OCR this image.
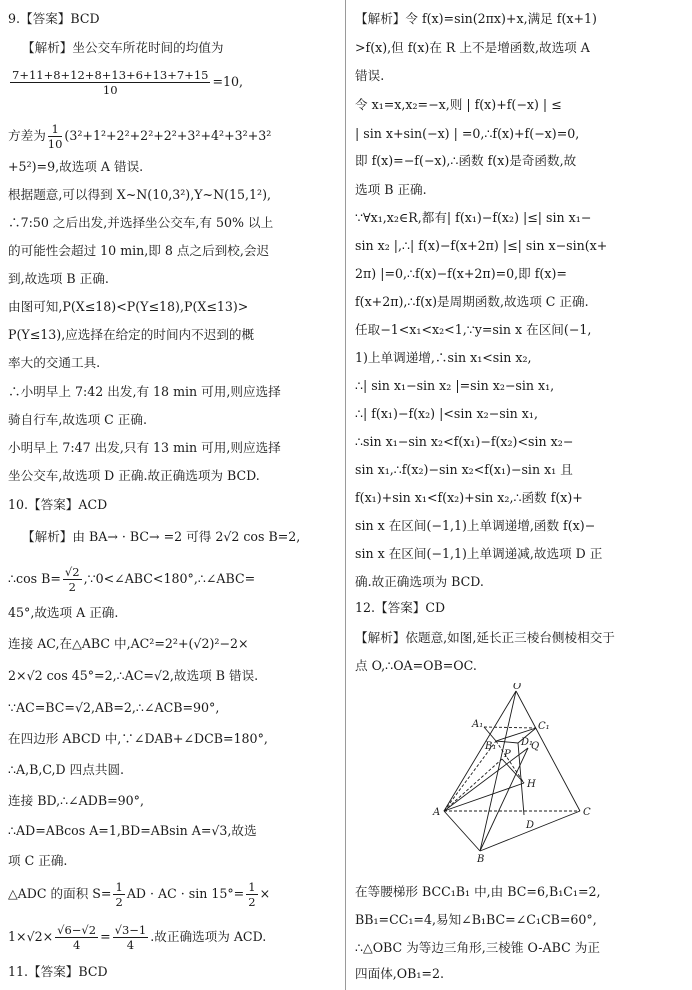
9.【答案】BCD
【解析】坐公交车所花时间的均值为
$\frac{7+11+8+12+8+13+6+13+7+15}{10} =10$,
方差为 $\frac{1}{10} (3^2+1^2+2^2+2^2+2^2+3^2+4^2+3^2+3^2$
+5²)=9,故选项 A 错误.
根据题意,可以得到 X~N(10,3²),Y~N(15,1²),
∴7:50 之后出发,并选择坐公交车,有 50% 以上
的可能性会超过 10 min,即 8 点之后到校,会迟
到,故选项 B 正确.
由图可知,P(X≤18)<P(Y≤18),P(X≤13)>
P(Y≤13),应选择在给定的时间内不迟到的概
率大的交通工具.
∴小明早上 7:42 出发,有 18 min 可用,则应选择
骑自行车,故选项 C 正确.
小明早上 7:47 出发,只有 13 min 可用,则应选择
坐公交车,故选项 D 正确.故正确选项为 BCD.
10.【答案】ACD
【解析】由 BA→ · BC→ =2 可得 2√2 cos B=2,
∴cos $B= \frac{√2}{2}$ ,∵0<∠ABC<180°,∴∠ABC=
45°,故选项 A 正确.
连接 AC,在△ABC 中,AC²=2²+(√2)²−2×
2×√2 cos 45°=2,∴AC=√2,故选项 B 错误.
∵AC=BC=√2,AB=2,∴∠ACB=90°,
在四边形 ABCD 中,∵∠DAB+∠DCB=180°,
∴A,B,C,D 四点共圆.
连接 BD,∴∠ADB=90°,
∴AD=ABcos A=1,BD=ABsin A=√3,故选
项 C 正确.
△ADC 的面积 $S= \frac{1}{2}$ AD · AC · $\sin 15^\circ= \frac{1}{2}$ ×
$1\times√2\times \frac{√6-√2}{4} = \frac{√3-1}{4}$ .故正确选项为 ACD.
11.【答案】BCD
【解析】令 f(x)=sin(2πx)+x,满足 f(x+1)
>f(x),但 f(x)在 R 上不是增函数,故选项 A
错误.
令 x₁=x,x₂=−x,则 | f(x)+f(−x) | ≤
| sin x+sin(−x) | =0,∴f(x)+f(−x)=0,
即 f(x)=−f(−x),∴函数 f(x)是奇函数,故
选项 B 正确.
∵∀x₁,x₂∈R,都有| f(x₁)−f(x₂) |≤| sin x₁−
sin x₂ |,∴| f(x)−f(x+2π) |≤| sin x−sin(x+
2π) |=0,∴f(x)−f(x+2π)=0,即 f(x)=
f(x+2π),∴f(x)是周期函数,故选项 C 正确.
任取−1<x₁<x₂<1,∵y=sin x 在区间(−1,
1)上单调递增,∴sin x₁<sin x₂,
∴| sin x₁−sin x₂ |=sin x₂−sin x₁,
∴| f(x₁)−f(x₂) |<sin x₂−sin x₁,
∴sin x₁−sin x₂<f(x₁)−f(x₂)<sin x₂−
sin x₁,∴f(x₂)−sin x₂<f(x₁)−sin x₁ 且
f(x₁)+sin x₁<f(x₂)+sin x₂,∴函数 f(x)+
sin x 在区间(−1,1)上单调递增,函数 f(x)−
sin x 在区间(−1,1)上单调递减,故选项 D 正
确.故正确选项为 BCD.
12.【答案】CD
【解析】依题意,如图,延长正三棱台侧棱相交于
点 O,∴OA=OB=OC.
在等腰梯形 BCC₁B₁ 中,由 BC=6,B₁C₁=2,
BB₁=CC₁=4,易知∠B₁BC=∠C₁CB=60°,
∴△OBC 为等边三角形,三棱锥 O-ABC 为正
四面体,OB₁=2.
O
A₁	C₁
B₁ D₁
Q
P
H
A	C
D
B
